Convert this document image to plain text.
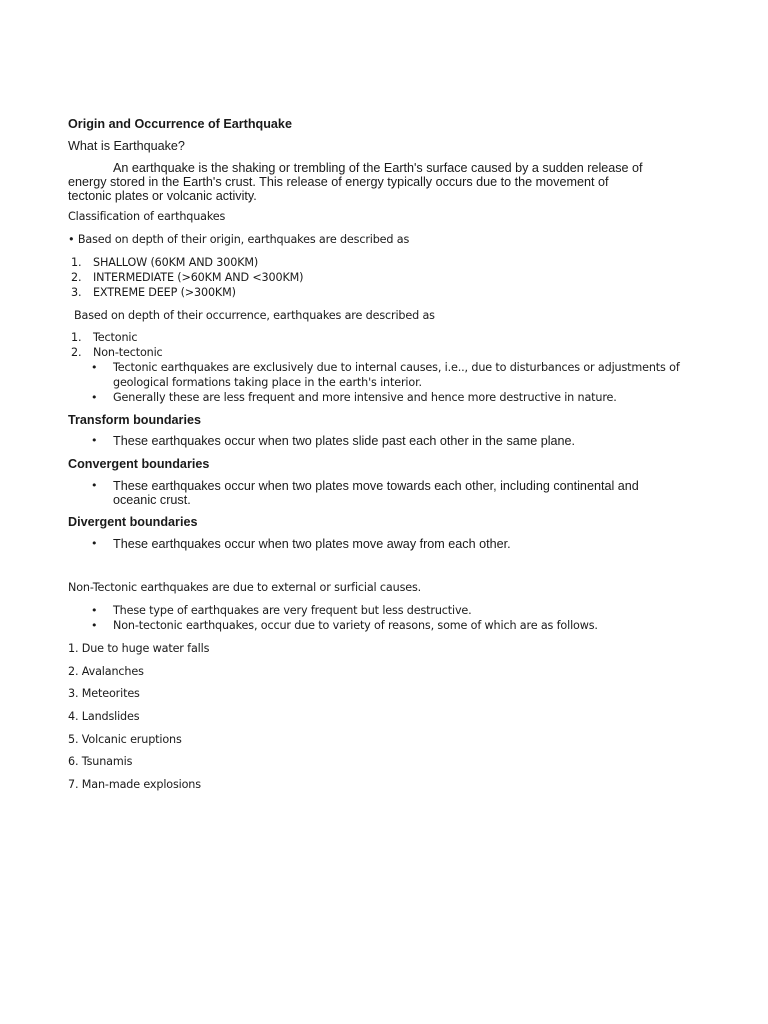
Origin and Occurrence of Earthquake
What is Earthquake?
An earthquake is the shaking or trembling of the Earth's surface caused by a sudden release of
energy stored in the Earth's crust. This release of energy typically occurs due to the movement of
tectonic plates or volcanic activity.
Classification of earthquakes
• Based on depth of their origin, earthquakes are described as
1. SHALLOW (60KM AND 300KM)
2. INTERMEDIATE (>60KM AND <300KM)
3. EXTREME DEEP (>300KM)
Based on depth of their occurrence, earthquakes are described as
1. Tectonic
2. Non-tectonic
• Tectonic earthquakes are exclusively due to internal causes, i.e.., due to disturbances or adjustments of
geological formations taking place in the earth's interior.
• Generally these are less frequent and more intensive and hence more destructive in nature.
Transform boundaries
• These earthquakes occur when two plates slide past each other in the same plane.
Convergent boundaries
• These earthquakes occur when two plates move towards each other, including continental and
oceanic crust.
Divergent boundaries
• These earthquakes occur when two plates move away from each other.
Non-Tectonic earthquakes are due to external or surficial causes.
• These type of earthquakes are very frequent but less destructive.
• Non-tectonic earthquakes, occur due to variety of reasons, some of which are as follows.
1. Due to huge water falls
2. Avalanches
3. Meteorites
4. Landslides
5. Volcanic eruptions
6. Tsunamis
7. Man-made explosions
